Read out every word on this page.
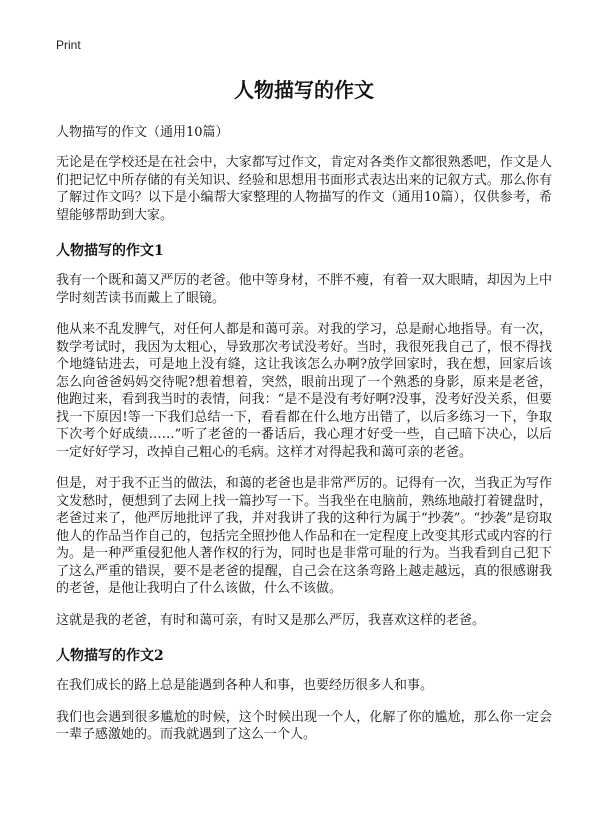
Print
人物描写的作文

人物描写的作文（通用10篇）

无论是在学校还是在社会中，大家都写过作文，肯定对各类作文都很熟悉吧，作文是人们把记忆中所存储的有关知识、经验和思想用书面形式表达出来的记叙方式。那么你有了解过作文吗？以下是小编帮大家整理的人物描写的作文（通用10篇），仅供参考，希望能够帮助到大家。

人物描写的作文1

我有一个既和蔼又严厉的老爸。他中等身材，不胖不瘦，有着一双大眼睛，却因为上中学时刻苦读书而戴上了眼镜。

他从来不乱发脾气，对任何人都是和蔼可亲。对我的学习，总是耐心地指导。有一次，数学考试时，我因为太粗心，导致那次考试没考好。当时，我很死我自己了，恨不得找个地缝钻进去，可是地上没有缝，这让我该怎么办啊?放学回家时，我在想，回家后该怎么向爸爸妈妈交待呢?想着想着，突然，眼前出现了一个熟悉的身影，原来是老爸，他跑过来，看到我当时的表情，问我：“是不是没有考好啊?没事，没考好没关系，但要找一下原因!等一下我们总结一下，看看都在什么地方出错了，以后多练习一下，争取下次考个好成绩……”听了老爸的一番话后，我心理才好受一些，自己暗下决心，以后一定好好学习，改掉自己粗心的毛病。这样才对得起我和蔼可亲的老爸。

但是，对于我不正当的做法，和蔼的老爸也是非常严厉的。记得有一次，当我正为写作文发愁时，便想到了去网上找一篇抄写一下。当我坐在电脑前，熟练地敲打着键盘时，老爸过来了，他严厉地批评了我，并对我讲了我的这种行为属于“抄袭”。“抄袭”是窃取他人的作品当作自己的，包括完全照抄他人作品和在一定程度上改变其形式或内容的行为。是一种严重侵犯他人著作权的行为，同时也是非常可耻的行为。当我看到自己犯下了这么严重的错误，要不是老爸的提醒，自己会在这条弯路上越走越远，真的很感谢我的老爸，是他让我明白了什么该做，什么不该做。

这就是我的老爸，有时和蔼可亲，有时又是那么严厉，我喜欢这样的老爸。

人物描写的作文2

在我们成长的路上总是能遇到各种人和事，也要经历很多人和事。

我们也会遇到很多尴尬的时候，这个时候出现一个人，化解了你的尴尬，那么你一定会一辈子感激她的。而我就遇到了这么一个人。
